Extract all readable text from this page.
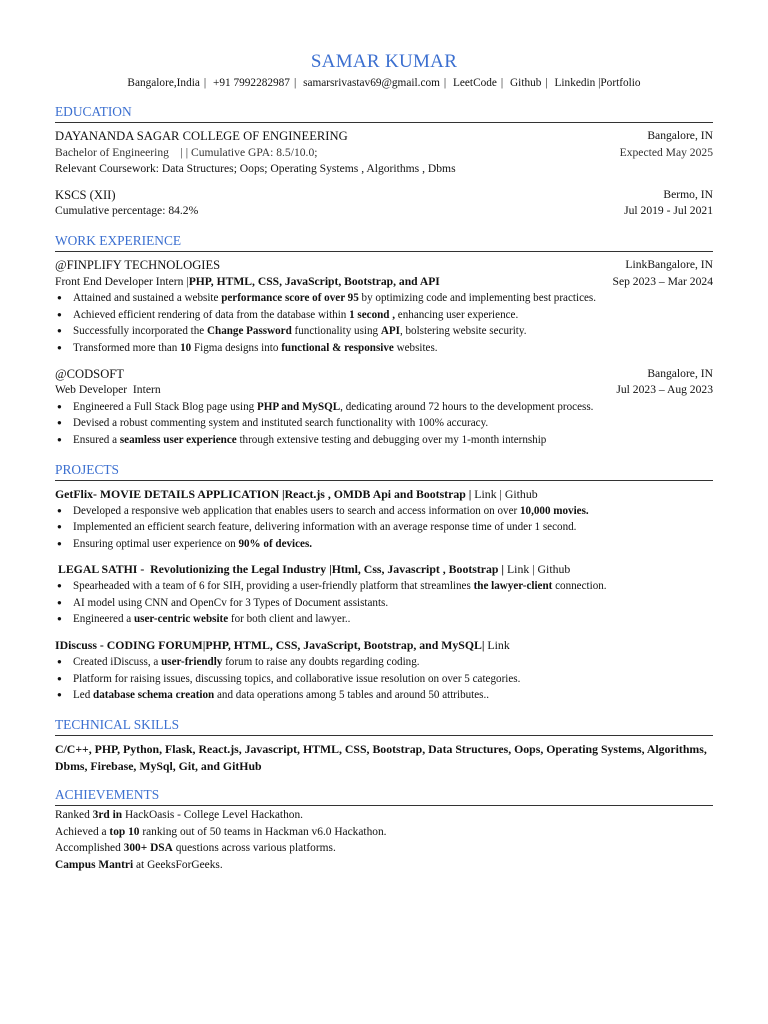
SAMAR KUMAR
Bangalore,India | +91 7992282987 | samarsrivastav69@gmail.com | LeetCode | Github | Linkedin |Portfolio
EDUCATION
DAYANANDA SAGAR COLLEGE OF ENGINEERING	Bangalore, IN
Bachelor of Engineering    | | Cumulative GPA: 8.5/10.0;	Expected May 2025
Relevant Coursework: Data Structures; Oops; Operating Systems , Algorithms , Dbms
KSCS (XII)	Bermo, IN
Cumulative percentage: 84.2%	Jul 2019 - Jul 2021
WORK EXPERIENCE
@FINPLIFY TECHNOLOGIES	LinkBangalore, IN
Front End Developer Intern |PHP, HTML, CSS, JavaScript, Bootstrap, and API	Sep 2023 – Mar 2024
● Attained and sustained a website performance score of over 95 by optimizing code and implementing best practices.
● Achieved efficient rendering of data from the database within 1 second , enhancing user experience.
● Successfully incorporated the Change Password functionality using API, bolstering website security.
● Transformed more than 10 Figma designs into functional & responsive websites.
@CODSOFT	Bangalore, IN
Web Developer  Intern	Jul 2023 – Aug 2023
● Engineered a Full Stack Blog page using PHP and MySQL, dedicating around 72 hours to the development process.
● Devised a robust commenting system and instituted search functionality with 100% accuracy.
● Ensured a seamless user experience through extensive testing and debugging over my 1-month internship
PROJECTS
GetFlix- MOVIE DETAILS APPLICATION |React.js , OMDB Api and Bootstrap | Link | Github
● Developed a responsive web application that enables users to search and access information on over 10,000 movies.
● Implemented an efficient search feature, delivering information with an average response time of under 1 second.
● Ensuring optimal user experience on 90% of devices.
LEGAL SATHI -  Revolutionizing the Legal Industry |Html, Css, Javascript , Bootstrap | Link | Github
● Spearheaded with a team of 6 for SIH, providing a user-friendly platform that streamlines the lawyer-client connection.
● AI model using CNN and OpenCv for 3 Types of Document assistants.
● Engineered a user-centric website for both client and lawyer..
IDiscuss - CODING FORUM|PHP, HTML, CSS, JavaScript, Bootstrap, and MySQL| Link
● Created iDiscuss, a user-friendly forum to raise any doubts regarding coding.
● Platform for raising issues, discussing topics, and collaborative issue resolution on over 5 categories.
● Led database schema creation and data operations among 5 tables and around 50 attributes..
TECHNICAL SKILLS
C/C++, PHP, Python, Flask, React.js, Javascript, HTML, CSS, Bootstrap, Data Structures, Oops, Operating Systems, Algorithms, Dbms, Firebase, MySql, Git, and GitHub
ACHIEVEMENTS
Ranked 3rd in HackOasis - College Level Hackathon.
Achieved a top 10 ranking out of 50 teams in Hackman v6.0 Hackathon.
Accomplished 300+ DSA questions across various platforms.
Campus Mantri at GeeksForGeeks.
